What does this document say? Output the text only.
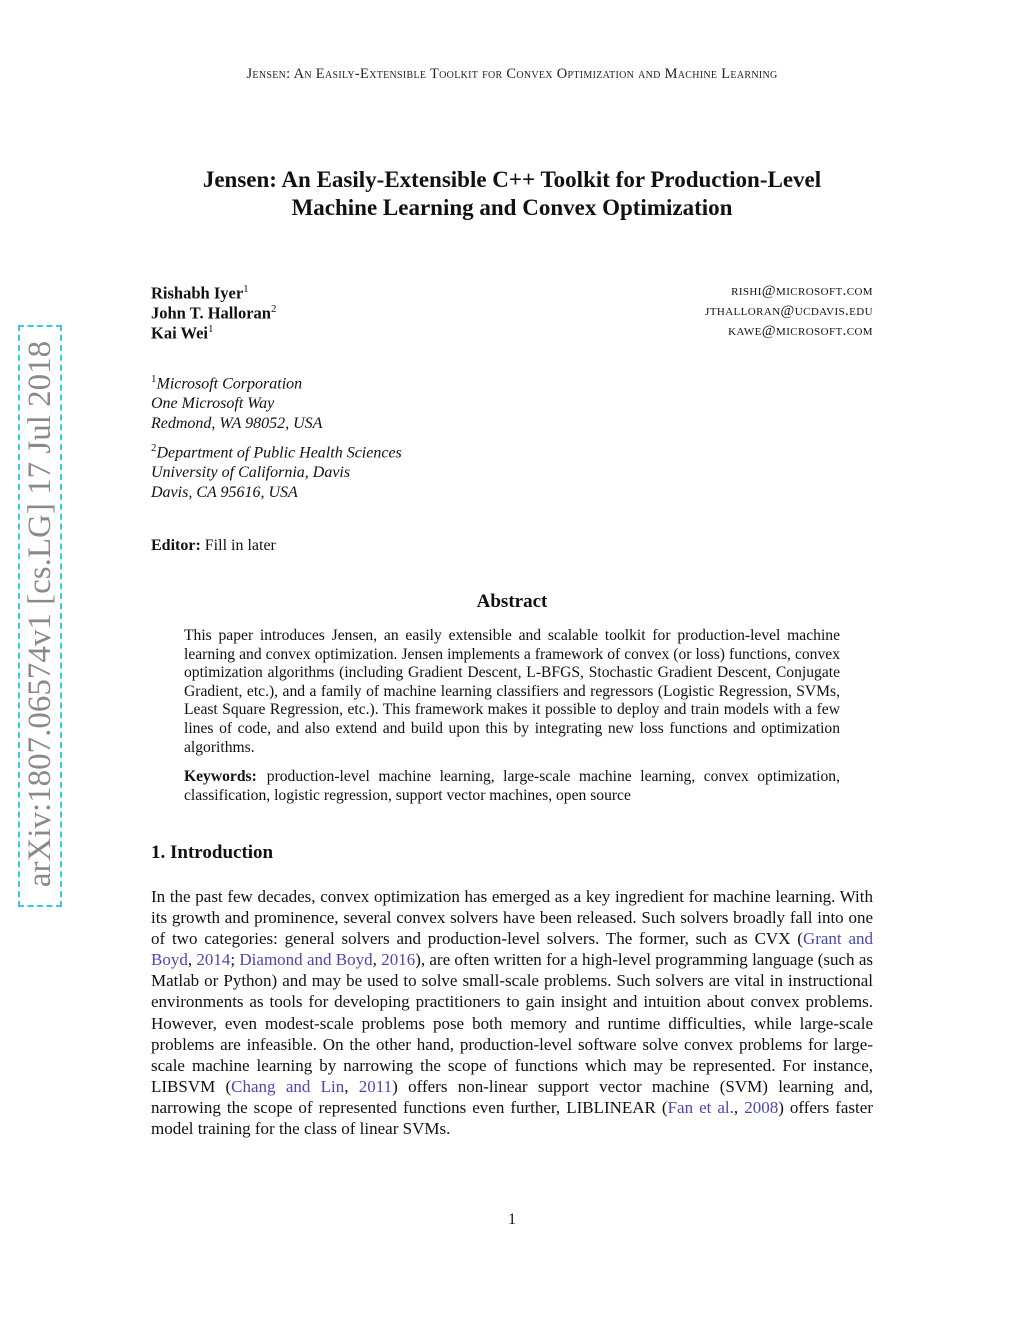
Jensen: An Easily-Extensible Toolkit for Convex Optimization and Machine Learning
arXiv:1807.06574v1 [cs.LG] 17 Jul 2018
Jensen: An Easily-Extensible C++ Toolkit for Production-Level Machine Learning and Convex Optimization
Rishabh Iyer$^1$	rishi@microsoft.com
John T. Halloran$^2$	jthalloran@ucdavis.edu
Kai Wei$^1$	kawe@microsoft.com
$^1$Microsoft Corporation
One Microsoft Way
Redmond, WA 98052, USA
$^2$Department of Public Health Sciences
University of California, Davis
Davis, CA 95616, USA
Editor: Fill in later
Abstract
This paper introduces Jensen, an easily extensible and scalable toolkit for production-level machine learning and convex optimization. Jensen implements a framework of convex (or loss) functions, convex optimization algorithms (including Gradient Descent, L-BFGS, Stochastic Gradient Descent, Conjugate Gradient, etc.), and a family of machine learning classifiers and regressors (Logistic Regression, SVMs, Least Square Regression, etc.). This framework makes it possible to deploy and train models with a few lines of code, and also extend and build upon this by integrating new loss functions and optimization algorithms.
Keywords: production-level machine learning, large-scale machine learning, convex optimization, classification, logistic regression, support vector machines, open source
1. Introduction
In the past few decades, convex optimization has emerged as a key ingredient for machine learning. With its growth and prominence, several convex solvers have been released. Such solvers broadly fall into one of two categories: general solvers and production-level solvers. The former, such as CVX (Grant and Boyd, 2014; Diamond and Boyd, 2016), are often written for a high-level programming language (such as Matlab or Python) and may be used to solve small-scale problems. Such solvers are vital in instructional environments as tools for developing practitioners to gain insight and intuition about convex problems. However, even modest-scale problems pose both memory and runtime difficulties, while large-scale problems are infeasible. On the other hand, production-level software solve convex problems for large-scale machine learning by narrowing the scope of functions which may be represented. For instance, LIBSVM (Chang and Lin, 2011) offers non-linear support vector machine (SVM) learning and, narrowing the scope of represented functions even further, LIBLINEAR (Fan et al., 2008) offers faster model training for the class of linear SVMs.
1
